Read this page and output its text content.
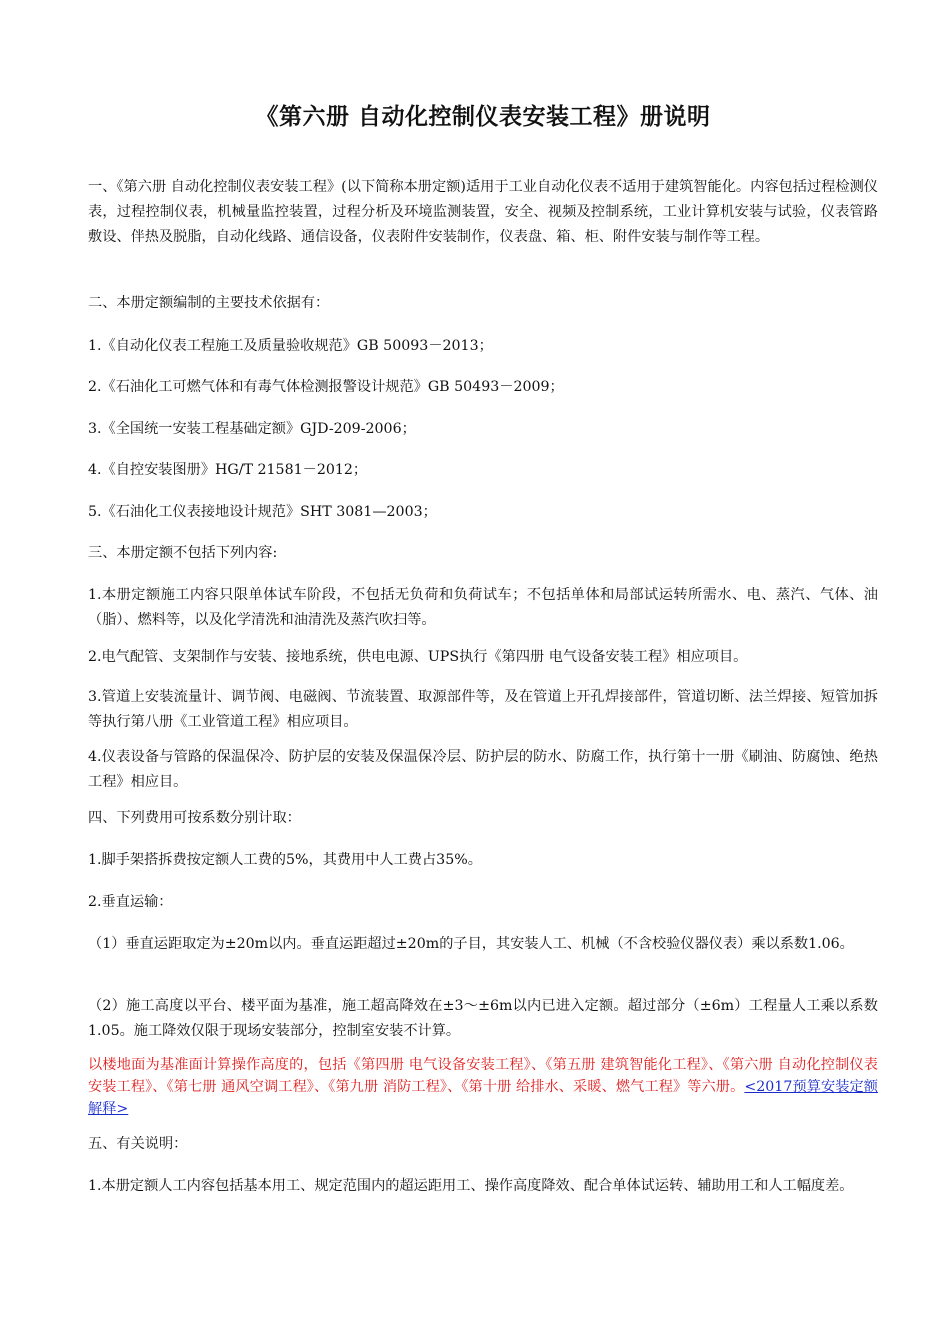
《第六册 自动化控制仪表安装工程》册说明

一、《第六册 自动化控制仪表安装工程》(以下简称本册定额)适用于工业自动化仪表不适用于建筑智能化。内容包括过程检测仪表，过程控制仪表，机械量监控装置，过程分析及环境监测装置，安全、视频及控制系统，工业计算机安装与试验，仪表管路敷设、伴热及脱脂，自动化线路、通信设备，仪表附件安装制作，仪表盘、箱、柜、附件安装与制作等工程。

二、本册定额编制的主要技术依据有：

1.《自动化仪表工程施工及质量验收规范》GB 50093－2013；

2.《石油化工可燃气体和有毒气体检测报警设计规范》GB 50493－2009；

3.《全国统一安装工程基础定额》GJD-209-2006；

4.《自控安装图册》HG/T 21581－2012；

5.《石油化工仪表接地设计规范》SHT 3081—2003；

三、本册定额不包括下列内容:

1.本册定额施工内容只限单体试车阶段，不包括无负荷和负荷试车；不包括单体和局部试运转所需水、电、蒸汽、气体、油（脂）、燃料等，以及化学清洗和油清洗及蒸汽吹扫等。

2.电气配管、支架制作与安装、接地系统，供电电源、UPS执行《第四册 电气设备安装工程》相应项目。

3.管道上安装流量计、调节阀、电磁阀、节流装置、取源部件等，及在管道上开孔焊接部件，管道切断、法兰焊接、短管加拆等执行第八册《工业管道工程》相应项目。

4.仪表设备与管路的保温保冷、防护层的安装及保温保冷层、防护层的防水、防腐工作，执行第十一册《刷油、防腐蚀、绝热工程》相应目。

四、下列费用可按系数分别计取：

1.脚手架搭拆费按定额人工费的5%，其费用中人工费占35%。

2.垂直运输：

（1）垂直运距取定为±20m以内。垂直运距超过±20m的子目，其安装人工、机械（不含校验仪器仪表）乘以系数1.06。

（2）施工高度以平台、楼平面为基准，施工超高降效在±3～±6m以内已进入定额。超过部分（±6m）工程量人工乘以系数1.05。施工降效仅限于现场安装部分，控制室安装不计算。

以楼地面为基准面计算操作高度的，包括《第四册 电气设备安装工程》、《第五册 建筑智能化工程》、《第六册 自动化控制仪表安装工程》、《第七册 通风空调工程》、《第九册 消防工程》、《第十册 给排水、采暖、燃气工程》等六册。<2017预算安装定额解释>

五、有关说明：

1.本册定额人工内容包括基本用工、规定范围内的超运距用工、操作高度降效、配合单体试运转、辅助用工和人工幅度差。
